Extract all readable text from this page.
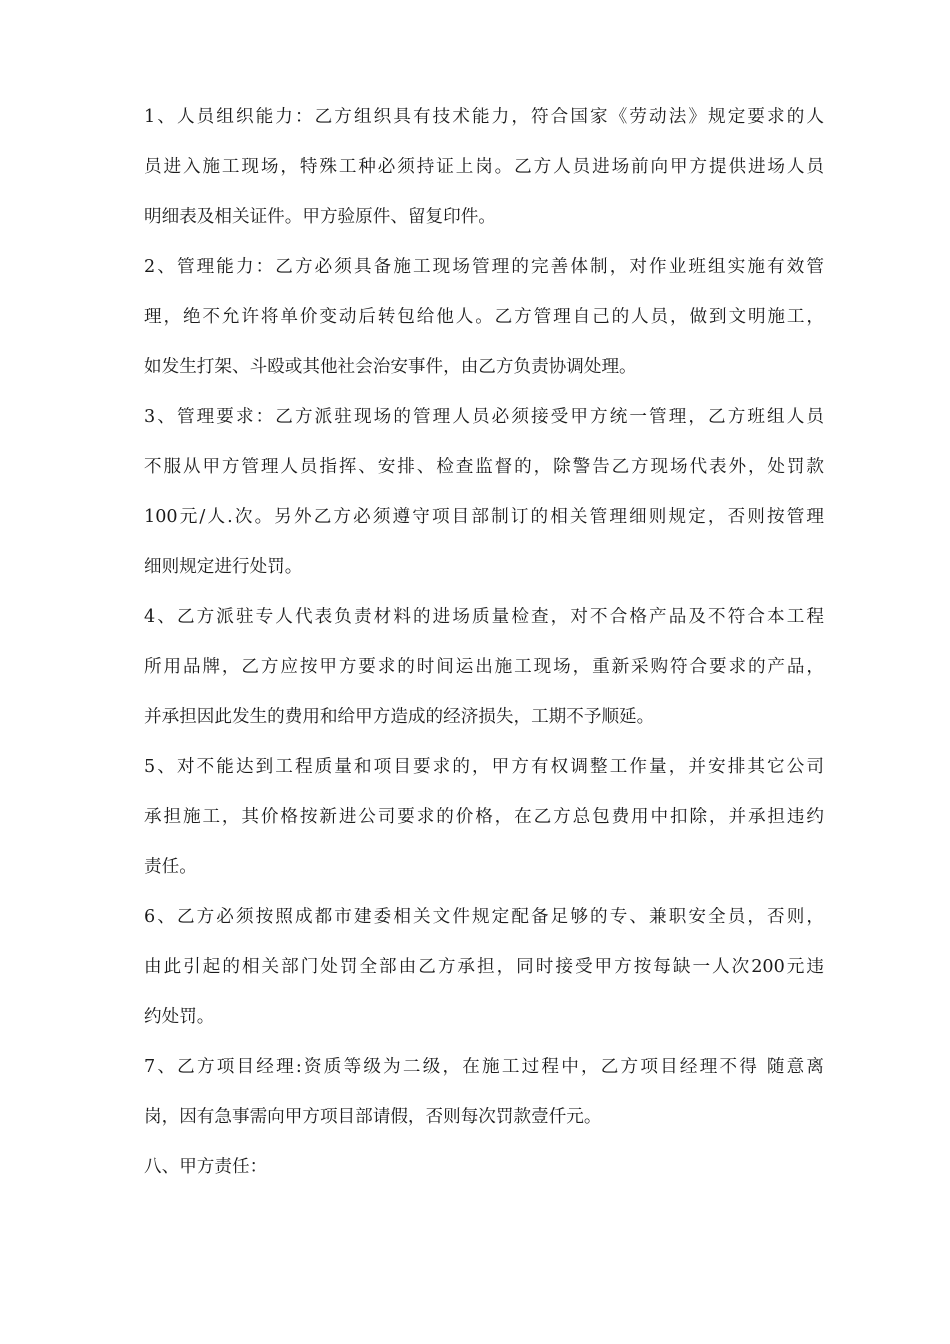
1、人员组织能力：乙方组织具有技术能力，符合国家《劳动法》规定要求的人
员进入施工现场，特殊工种必须持证上岗。乙方人员进场前向甲方提供进场人员
明细表及相关证件。甲方验原件、留复印件。
2、管理能力：乙方必须具备施工现场管理的完善体制，对作业班组实施有效管
理，绝不允许将单价变动后转包给他人。乙方管理自己的人员，做到文明施工，
如发生打架、斗殴或其他社会治安事件，由乙方负责协调处理。
3、管理要求：乙方派驻现场的管理人员必须接受甲方统一管理，乙方班组人员
不服从甲方管理人员指挥、安排、检查监督的，除警告乙方现场代表外，处罚款
100元/人.次。另外乙方必须遵守项目部制订的相关管理细则规定，否则按管理
细则规定进行处罚。
4、乙方派驻专人代表负责材料的进场质量检查，对不合格产品及不符合本工程
所用品牌，乙方应按甲方要求的时间运出施工现场，重新采购符合要求的产品，
并承担因此发生的费用和给甲方造成的经济损失，工期不予顺延。
5、对不能达到工程质量和项目要求的，甲方有权调整工作量，并安排其它公司
承担施工，其价格按新进公司要求的价格，在乙方总包费用中扣除，并承担违约
责任。
6、乙方必须按照成都市建委相关文件规定配备足够的专、兼职安全员，否则，
由此引起的相关部门处罚全部由乙方承担，同时接受甲方按每缺一人次200元违
约处罚。
7、乙方项目经理:资质等级为二级，在施工过程中，乙方项目经理不得 随意离
岗，因有急事需向甲方项目部请假，否则每次罚款壹仟元。
八、甲方责任：
